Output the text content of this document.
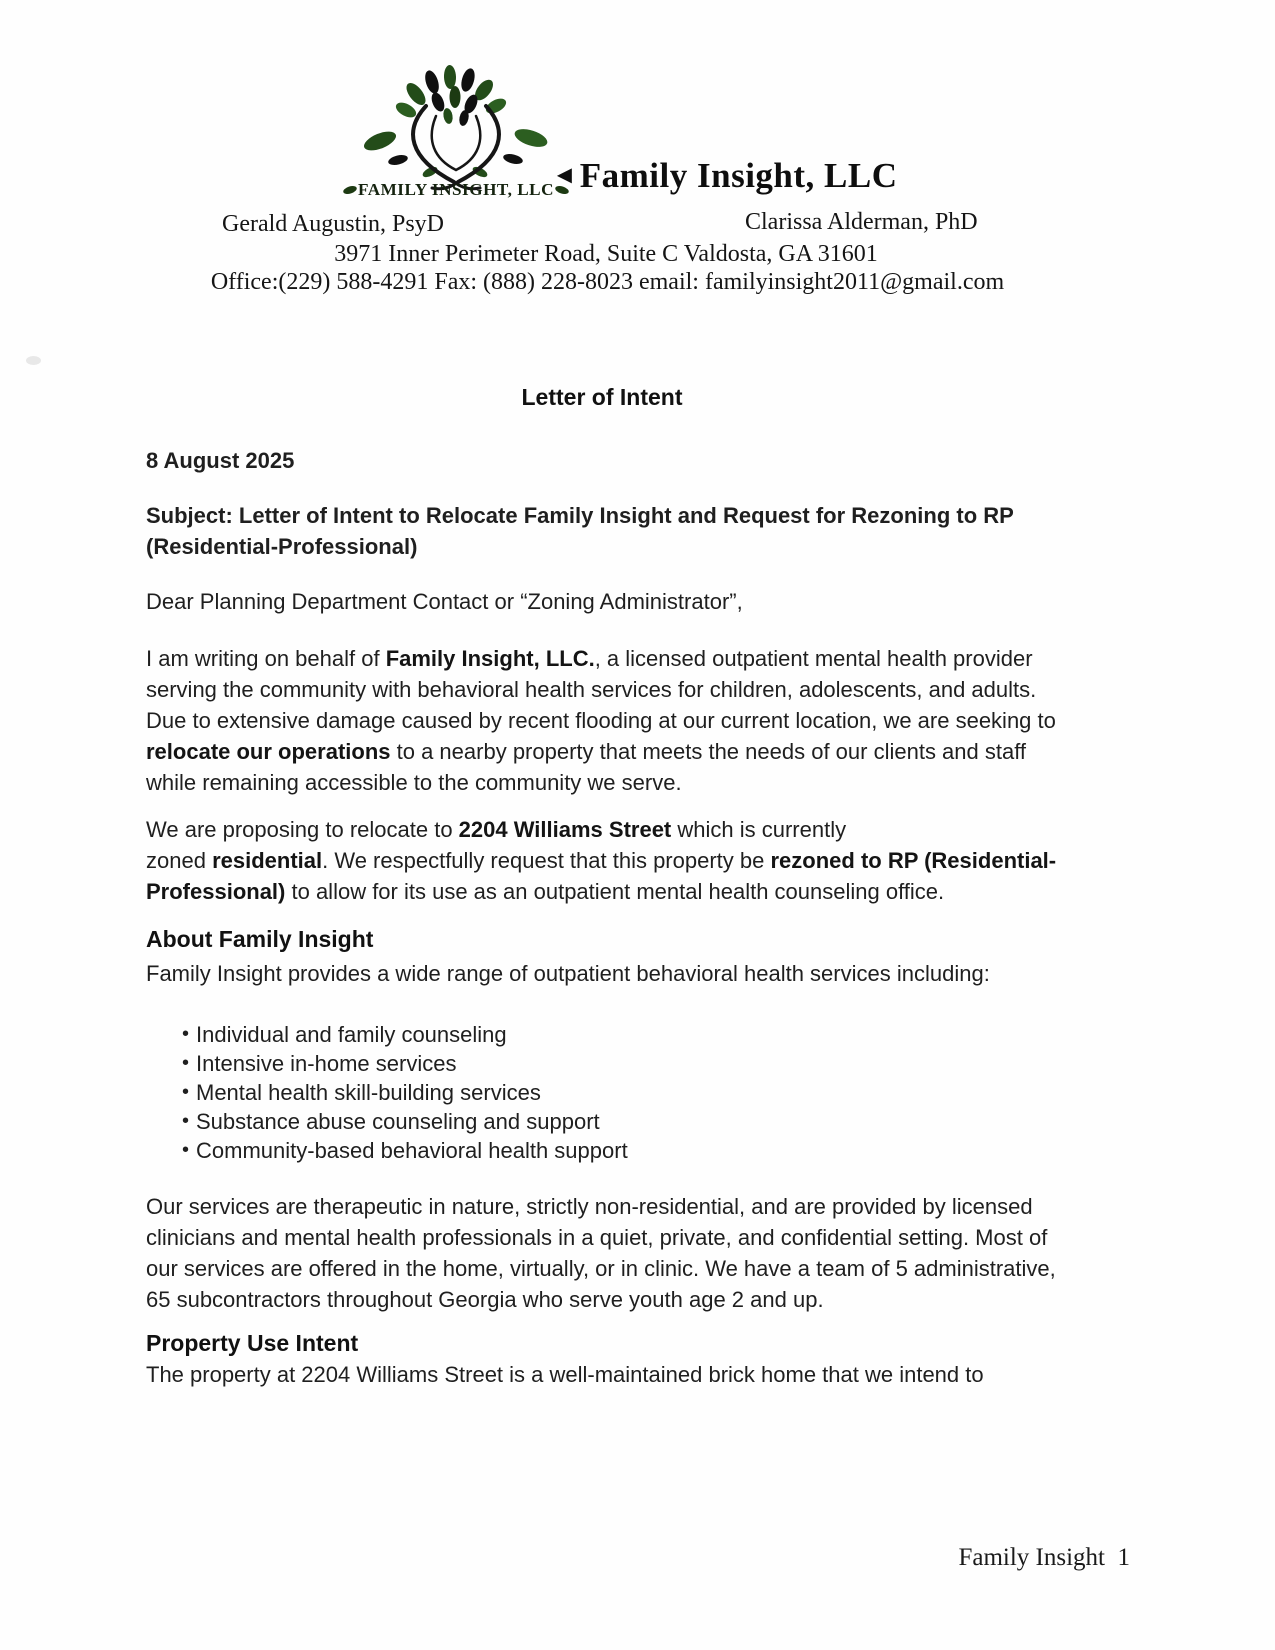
FAMILY INSIGHT, LLC
◄ Family Insight, LLC
Gerald Augustin, PsyD	Clarissa Alderman, PhD
3971 Inner Perimeter Road, Suite C Valdosta, GA 31601
Office:(229) 588-4291 Fax: (888) 228-8023 email: familyinsight2011@gmail.com
Letter of Intent

8 August 2025

Subject: Letter of Intent to Relocate Family Insight and Request for Rezoning to RP (Residential-Professional)

Dear Planning Department Contact or “Zoning Administrator”,

I am writing on behalf of Family Insight, LLC., a licensed outpatient mental health provider serving the community with behavioral health services for children, adolescents, and adults. Due to extensive damage caused by recent flooding at our current location, we are seeking to relocate our operations to a nearby property that meets the needs of our clients and staff while remaining accessible to the community we serve.

We are proposing to relocate to 2204 Williams Street which is currently
zoned residential. We respectfully request that this property be rezoned to RP (Residential-Professional) to allow for its use as an outpatient mental health counseling office.

About Family Insight

Family Insight provides a wide range of outpatient behavioral health services including:

• Individual and family counseling
• Intensive in-home services
• Mental health skill-building services
• Substance abuse counseling and support
• Community-based behavioral health support

Our services are therapeutic in nature, strictly non-residential, and are provided by licensed clinicians and mental health professionals in a quiet, private, and confidential setting. Most of our services are offered in the home, virtually, or in clinic. We have a team of 5 administrative, 65 subcontractors throughout Georgia who serve youth age 2 and up.

Property Use Intent

The property at 2204 Williams Street is a well-maintained brick home that we intend to

Family Insight  1
